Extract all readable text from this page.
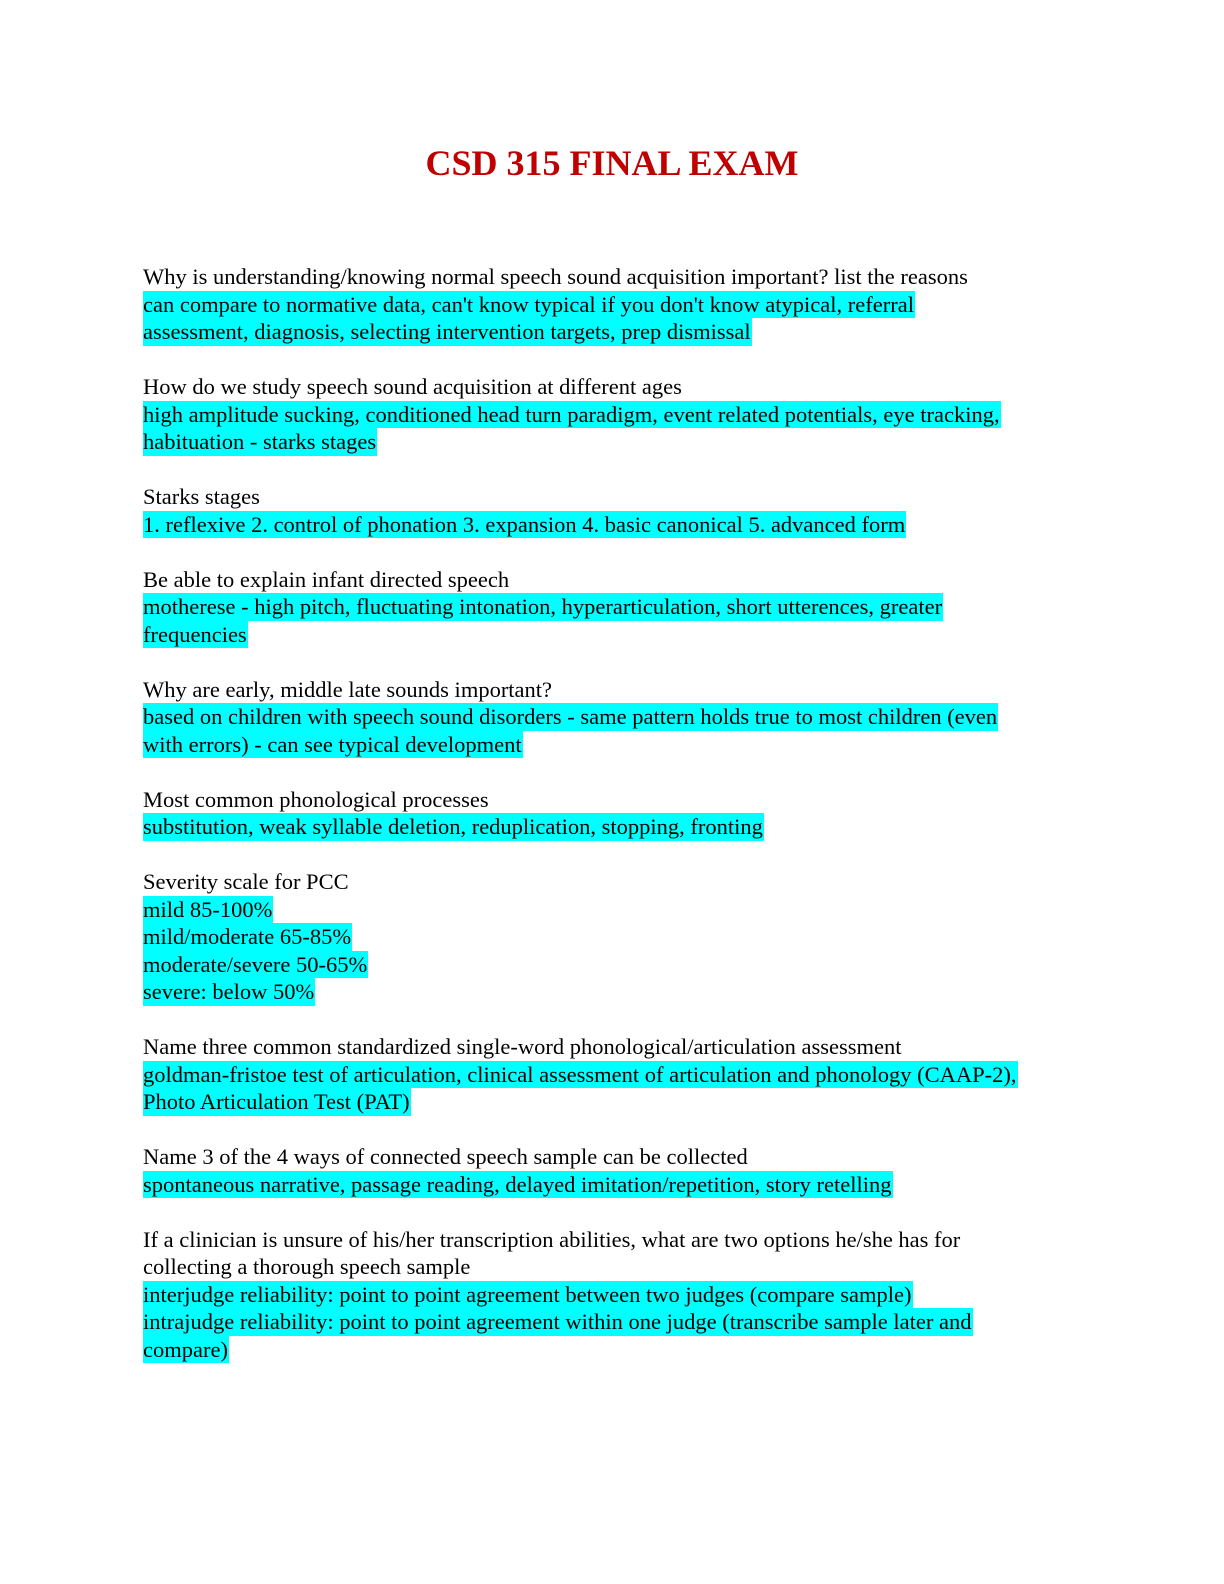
CSD 315 FINAL EXAM
Why is understanding/knowing normal speech sound acquisition important? list the reasons
can compare to normative data, can't know typical if you don't know atypical, referral
assessment, diagnosis, selecting intervention targets, prep dismissal
How do we study speech sound acquisition at different ages
high amplitude sucking, conditioned head turn paradigm, event related potentials, eye tracking,
habituation - starks stages
Starks stages
1. reflexive 2. control of phonation 3. expansion 4. basic canonical 5. advanced form
Be able to explain infant directed speech
motherese - high pitch, fluctuating intonation, hyperarticulation, short utterences, greater
frequencies
Why are early, middle late sounds important?
based on children with speech sound disorders - same pattern holds true to most children (even
with errors) - can see typical development
Most common phonological processes
substitution, weak syllable deletion, reduplication, stopping, fronting
Severity scale for PCC
mild 85-100%
mild/moderate 65-85%
moderate/severe 50-65%
severe: below 50%
Name three common standardized single-word phonological/articulation assessment
goldman-fristoe test of articulation, clinical assessment of articulation and phonology (CAAP-2),
Photo Articulation Test (PAT)
Name 3 of the 4 ways of connected speech sample can be collected
spontaneous narrative, passage reading, delayed imitation/repetition, story retelling
If a clinician is unsure of his/her transcription abilities, what are two options he/she has for
collecting a thorough speech sample
interjudge reliability: point to point agreement between two judges (compare sample)
intrajudge reliability: point to point agreement within one judge (transcribe sample later and
compare)
